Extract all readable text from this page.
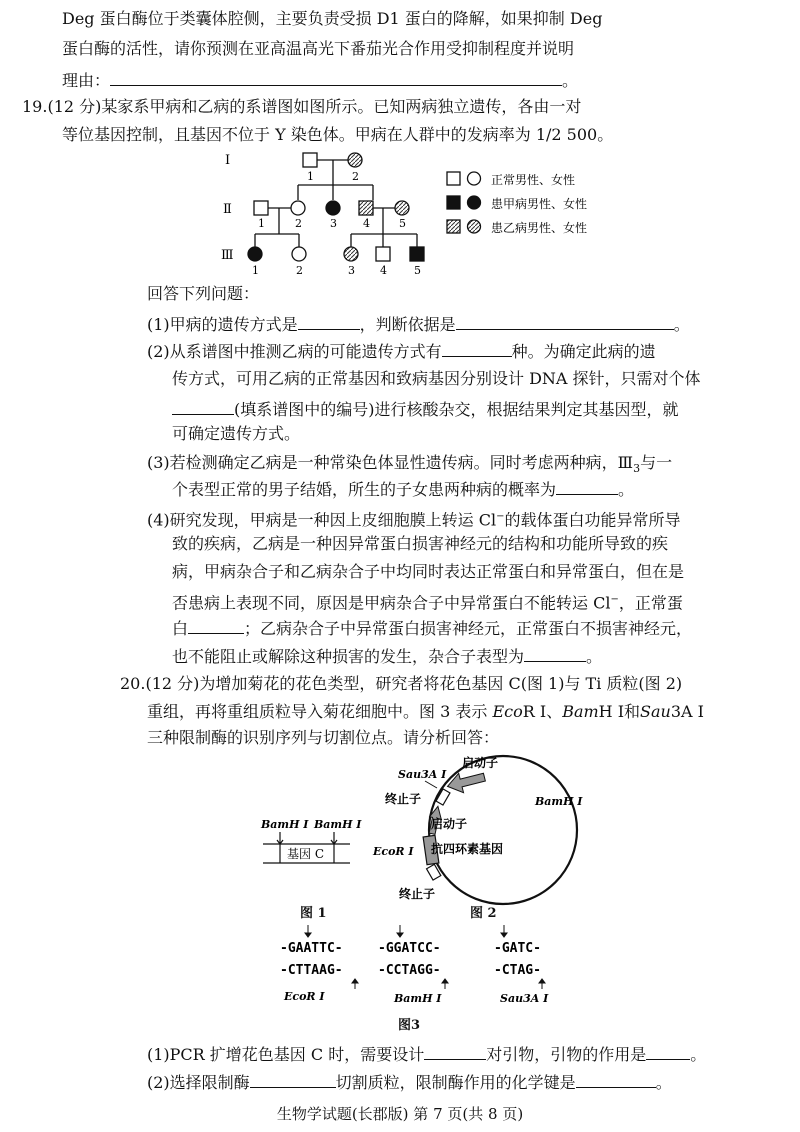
Deg 蛋白酶位于类囊体腔侧，主要负责受损 D1 蛋白的降解，如果抑制 Deg
蛋白酶的活性，请你预测在亚高温高光下番茄光合作用受抑制程度并说明
理由：	。
19.(12 分)某家系甲病和乙病的系谱图如图所示。已知两病独立遗传，各由一对
等位基因控制，且基因不位于 Y 染色体。甲病在人群中的发病率为 1/2 500。
Ⅰ
Ⅱ
Ⅲ
1	2
1	2	3 4	5
1	2	3 4 5
正常男性、女性
患甲病男性、女性
患乙病男性、女性
回答下列问题：
(1)甲病的遗传方式是	，判断依据是	。
(2)从系谱图中推测乙病的可能遗传方式有	种。为确定此病的遗
传方式，可用乙病的正常基因和致病基因分别设计 DNA 探针，只需对个体
(填系谱图中的编号)进行核酸杂交，根据结果判定其基因型，就
可确定遗传方式。
(3)若检测确定乙病是一种常染色体显性遗传病。同时考虑两种病，$Ⅲ_3$与一
个表型正常的男子结婚，所生的子女患两种病的概率为	。
(4)研究发现，甲病是一种因上皮细胞膜上转运 Cl−的载体蛋白功能异常所导
致的疾病，乙病是一种因异常蛋白损害神经元的结构和功能所导致的疾
病，甲病杂合子和乙病杂合子中均同时表达正常蛋白和异常蛋白，但在是
否患病上表现不同，原因是甲病杂合子中异常蛋白不能转运 Cl−，正常蛋
白	；乙病杂合子中异常蛋白损害神经元，正常蛋白不损害神经元，
也不能阻止或解除这种损害的发生，杂合子表型为	。
20.(12 分)为增加菊花的花色类型，研究者将花色基因 C(图 1)与 Ti 质粒(图 2)
重组，再将重组质粒导入菊花细胞中。图 3 表示 EcoR Ⅰ、BamH Ⅰ和Sau3A Ⅰ
三种限制酶的识别序列与切割位点。请分析回答：
BamH Ⅰ BamH Ⅰ
基因 C
图 1
Sau3A Ⅰ
启动子
终止子	BamH Ⅰ
启动子
EcoR Ⅰ 抗四环素基因
终止子
图 2
-GAATTC-
-CTTAAG-
EcoR Ⅰ
-GGATCC-
-CCTAGG-
BamH Ⅰ
-GATC-
-CTAG-
Sau3A Ⅰ
图3
(1)PCR 扩增花色基因 C 时，需要设计	对引物，引物的作用是	。
(2)选择限制酶	切割质粒，限制酶作用的化学键是	。
生物学试题(长郡版) 第 7 页(共 8 页)
